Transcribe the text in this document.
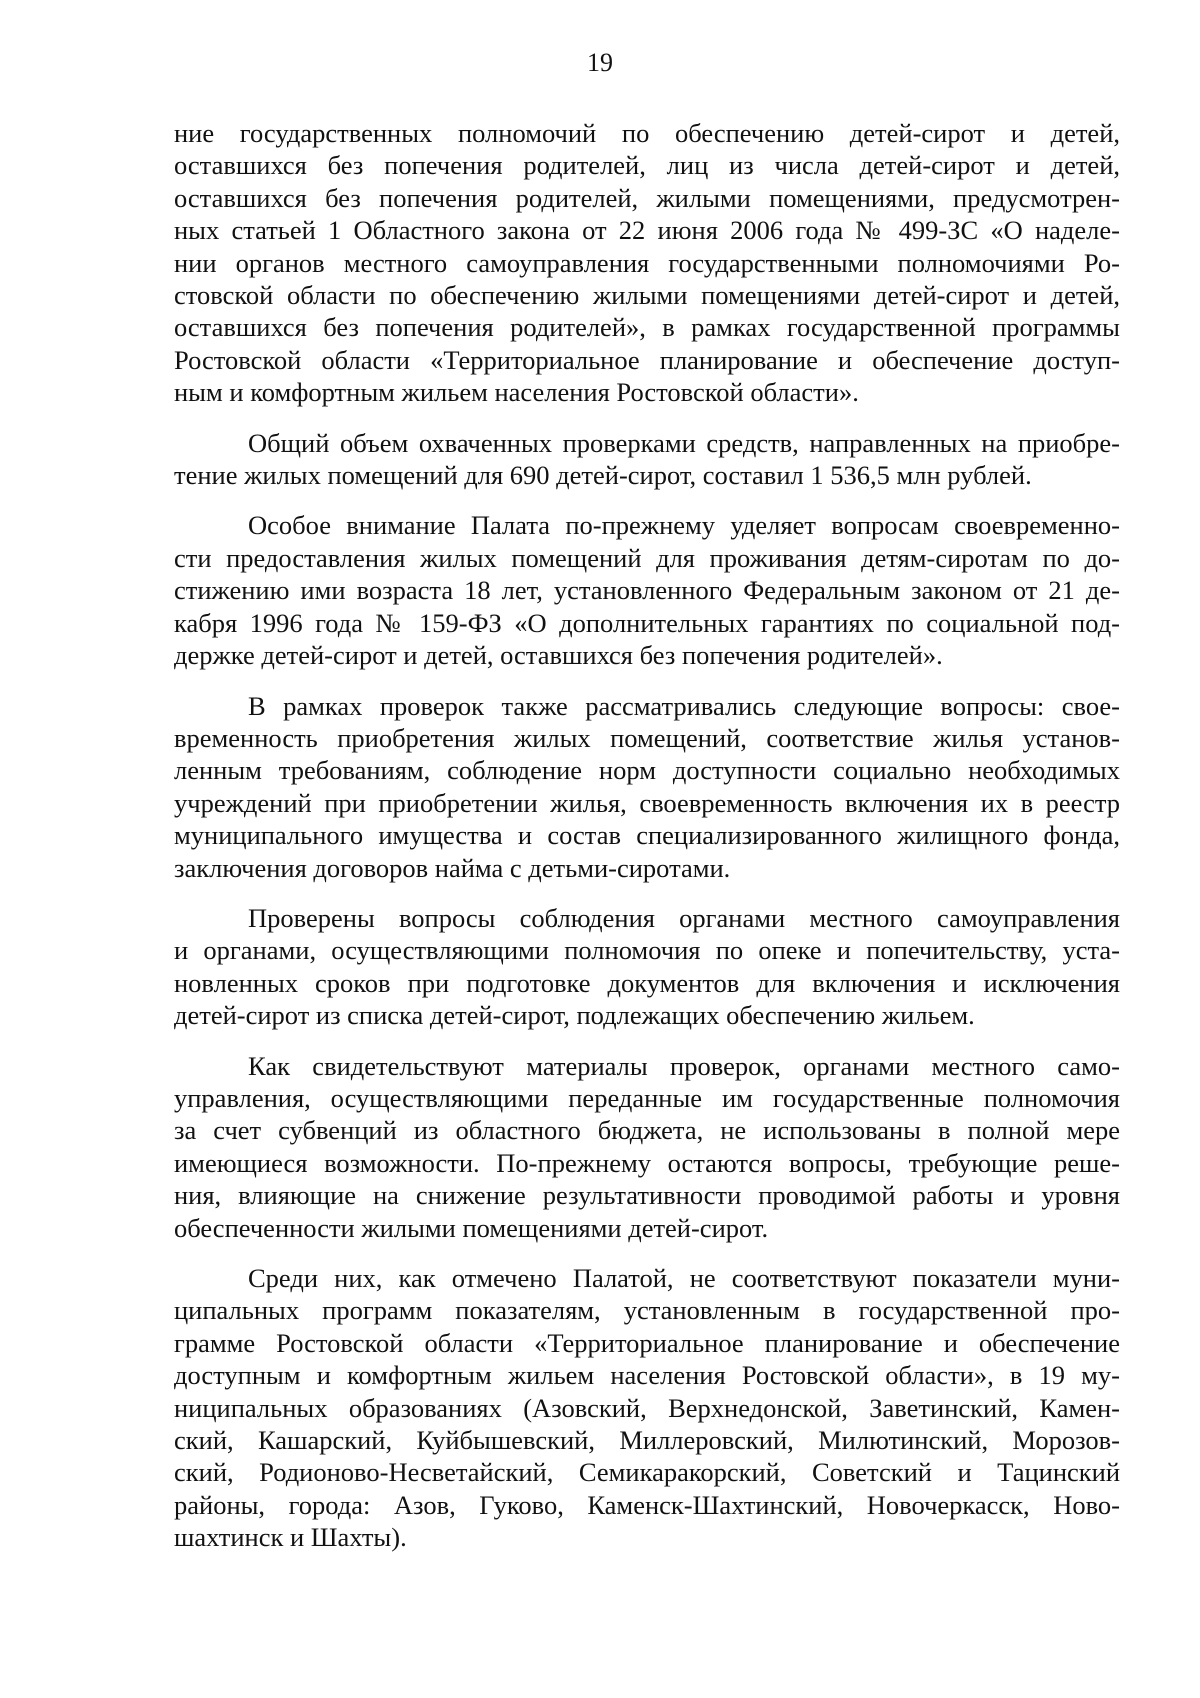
19

ние государственных полномочий по обеспечению детей-сирот и детей,
оставшихся без попечения родителей, лиц из числа детей-сирот и детей,
оставшихся без попечения родителей, жилыми помещениями, предусмотрен-
ных статьей 1 Областного закона от 22 июня 2006 года № 499-ЗС «О наделе-
нии органов местного самоуправления государственными полномочиями Ро-
стовской области по обеспечению жилыми помещениями детей-сирот и детей,
оставшихся без попечения родителей», в рамках государственной программы
Ростовской области «Территориальное планирование и обеспечение доступ-
ным и комфортным жильем населения Ростовской области».

Общий объем охваченных проверками средств, направленных на приобре-
тение жилых помещений для 690 детей-сирот, составил 1 536,5 млн рублей.

Особое внимание Палата по-прежнему уделяет вопросам своевременно-
сти предоставления жилых помещений для проживания детям-сиротам по до-
стижению ими возраста 18 лет, установленного Федеральным законом от 21 де-
кабря 1996 года № 159-ФЗ «О дополнительных гарантиях по социальной под-
держке детей-сирот и детей, оставшихся без попечения родителей».

В рамках проверок также рассматривались следующие вопросы: свое-
временность приобретения жилых помещений, соответствие жилья установ-
ленным требованиям, соблюдение норм доступности социально необходимых
учреждений при приобретении жилья, своевременность включения их в реестр
муниципального имущества и состав специализированного жилищного фонда,
заключения договоров найма с детьми-сиротами.

Проверены вопросы соблюдения органами местного самоуправления
и органами, осуществляющими полномочия по опеке и попечительству, уста-
новленных сроков при подготовке документов для включения и исключения
детей-сирот из списка детей-сирот, подлежащих обеспечению жильем.

Как свидетельствуют материалы проверок, органами местного само-
управления, осуществляющими переданные им государственные полномочия
за счет субвенций из областного бюджета, не использованы в полной мере
имеющиеся возможности. По-прежнему остаются вопросы, требующие реше-
ния, влияющие на снижение результативности проводимой работы и уровня
обеспеченности жилыми помещениями детей-сирот.

Среди них, как отмечено Палатой, не соответствуют показатели муни-
ципальных программ показателям, установленным в государственной про-
грамме Ростовской области «Территориальное планирование и обеспечение
доступным и комфортным жильем населения Ростовской области», в 19 му-
ниципальных образованиях (Азовский, Верхнедонской, Заветинский, Камен-
ский, Кашарский, Куйбышевский, Миллеровский, Милютинский, Морозов-
ский, Родионово-Несветайский, Семикаракорский, Советский и Тацинский
районы, города: Азов, Гуково, Каменск-Шахтинский, Новочеркасск, Ново-
шахтинск и Шахты).
